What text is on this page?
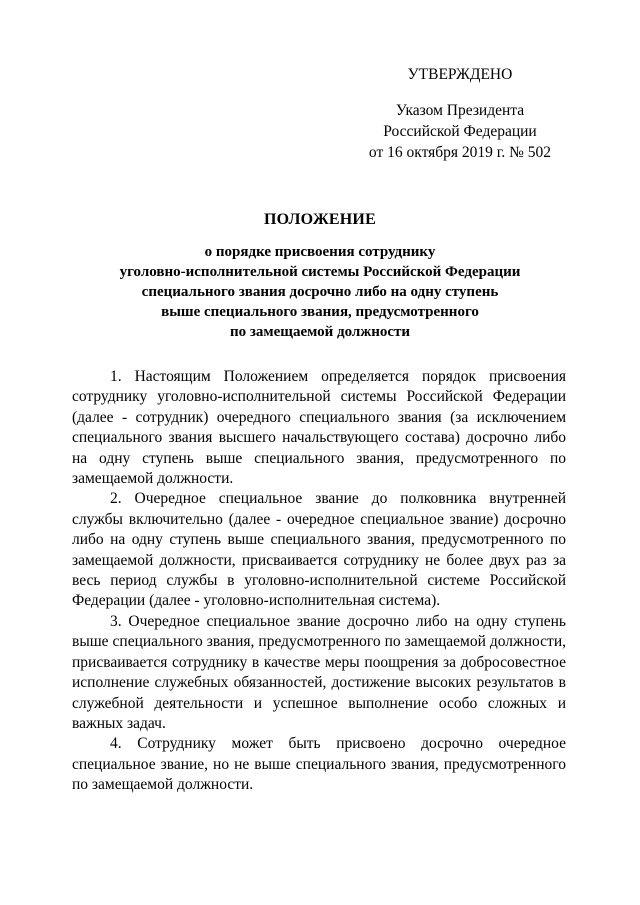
УТВЕРЖДЕНО
Указом Президента
Российской Федерации
от 16 октября 2019 г. № 502
ПОЛОЖЕНИЕ
о порядке присвоения сотруднику
уголовно-исполнительной системы Российской Федерации
специального звания досрочно либо на одну ступень
выше специального звания, предусмотренного
по замещаемой должности

1. Настоящим Положением определяется порядок присвоения сотруднику уголовно-исполнительной системы Российской Федерации (далее - сотрудник) очередного специального звания (за исключением специального звания высшего начальствующего состава) досрочно либо на одну ступень выше специального звания, предусмотренного по замещаемой должности.

2. Очередное специальное звание до полковника внутренней службы включительно (далее - очередное специальное звание) досрочно либо на одну ступень выше специального звания, предусмотренного по замещаемой должности, присваивается сотруднику не более двух раз за весь период службы в уголовно-исполнительной системе Российской Федерации (далее - уголовно-исполнительная система).

3. Очередное специальное звание досрочно либо на одну ступень выше специального звания, предусмотренного по замещаемой должности, присваивается сотруднику в качестве меры поощрения за добросовестное исполнение служебных обязанностей, достижение высоких результатов в служебной деятельности и успешное выполнение особо сложных и важных задач.

4. Сотруднику может быть присвоено досрочно очередное специальное звание, но не выше специального звания, предусмотренного по замещаемой должности.
